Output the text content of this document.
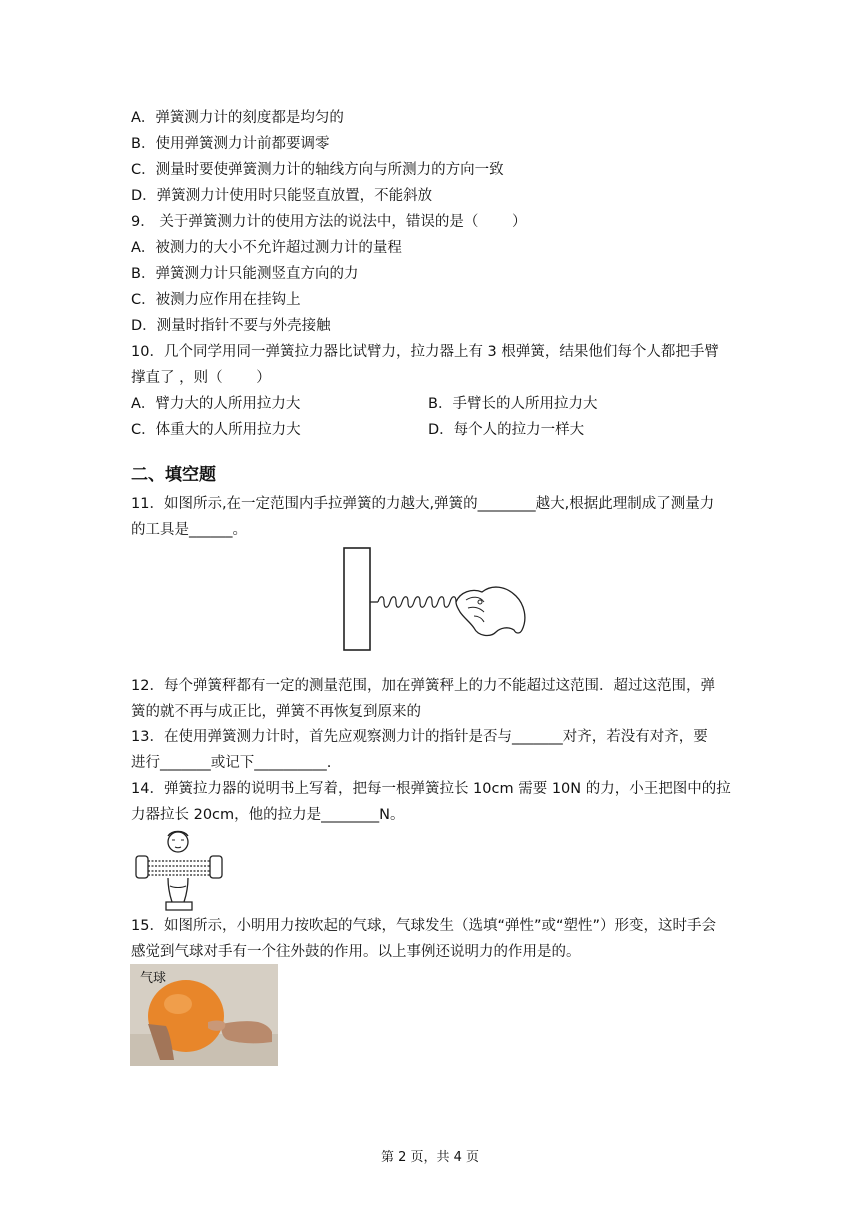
A．弹簧测力计的刻度都是均匀的
B．使用弹簧测力计前都要调零
C．测量时要使弹簧测力计的轴线方向与所测力的方向一致
D．弹簧测力计使用时只能竖直放置，不能斜放
9． 关于弹簧测力计的使用方法的说法中，错误的是（　　 ）
A．被测力的大小不允许超过测力计的量程
B．弹簧测力计只能测竖直方向的力
C．被测力应作用在挂钩上
D．测量时指针不要与外壳接触
10．几个同学用同一弹簧拉力器比试臂力，拉力器上有 3 根弹簧，结果他们每个人都把手臂
撑直了 ，则（　　 ）
A．臂力大的人所用拉力大	B．手臂长的人所用拉力大
C．体重大的人所用拉力大	D．每个人的拉力一样大
二、填空题
11．如图所示,在一定范围内手拉弹簧的力越大,弹簧的________越大,根据此理制成了测量力
的工具是______。
12．每个弹簧秤都有一定的测量范围，加在弹簧秤上的力不能超过这范围．超过这范围，弹
簧的就不再与成正比，弹簧不再恢复到原来的
13．在使用弹簧测力计时，首先应观察测力计的指针是否与_______对齐，若没有对齐，要
进行_______或记下__________.
14．弹簧拉力器的说明书上写着，把每一根弹簧拉长 10cm 需要 10N 的力，小王把图中的拉
力器拉长 20cm，他的拉力是________N。
15．如图所示，小明用力按吹起的气球，气球发生（选填“弹性”或“塑性”）形变，这时手会
感觉到气球对手有一个往外鼓的作用。以上事例还说明力的作用是的。
气球
第 2 页，共 4 页
